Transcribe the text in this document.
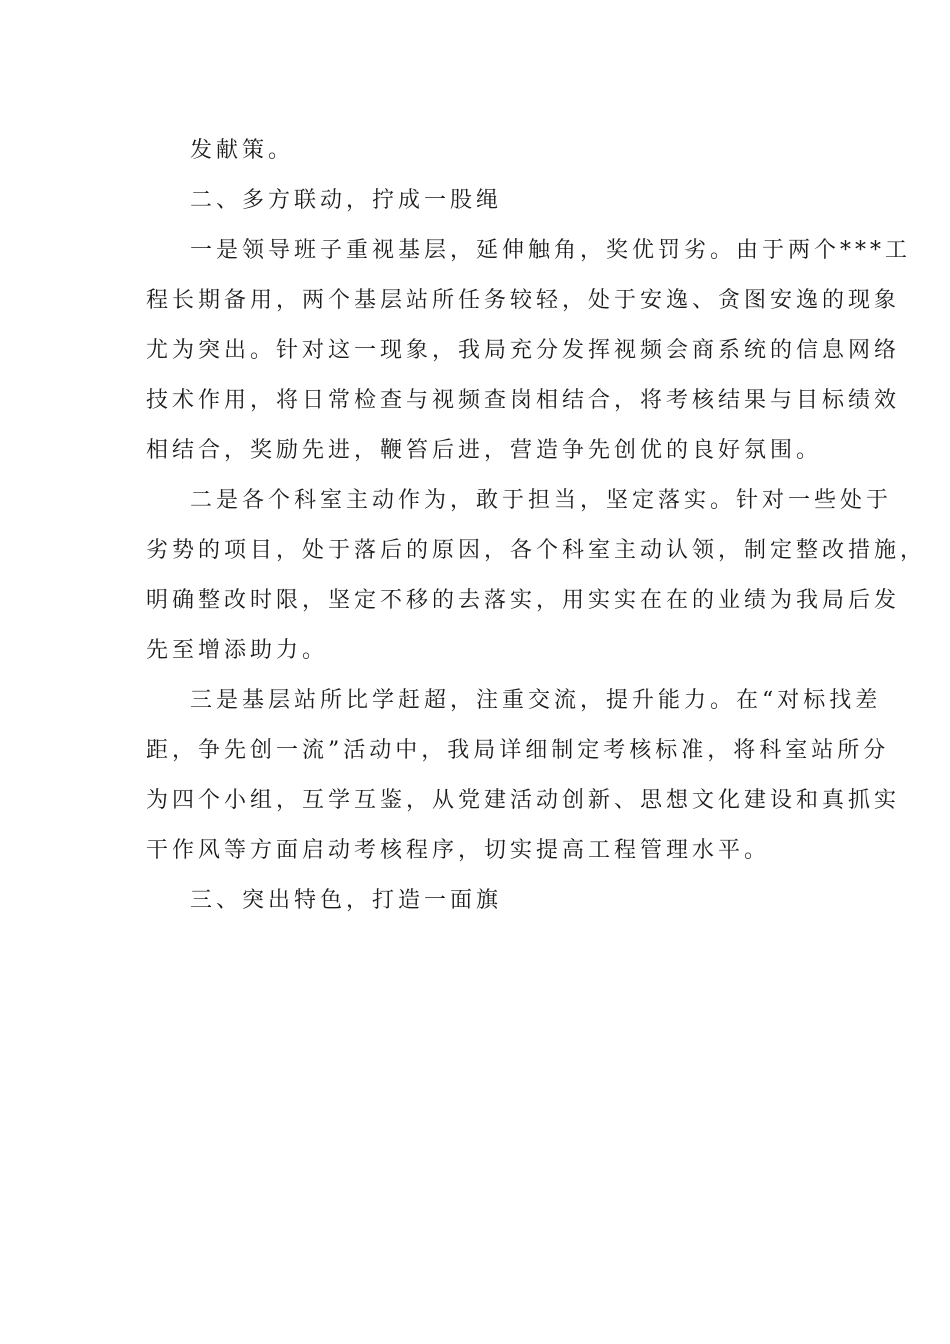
发献策。
二、多方联动，拧成一股绳
一是领导班子重视基层，延伸触角，奖优罚劣。由于两个***工
程长期备用，两个基层站所任务较轻，处于安逸、贪图安逸的现象
尤为突出。针对这一现象，我局充分发挥视频会商系统的信息网络
技术作用，将日常检查与视频查岗相结合，将考核结果与目标绩效
相结合，奖励先进，鞭笞后进，营造争先创优的良好氛围。
二是各个科室主动作为，敢于担当，坚定落实。针对一些处于
劣势的项目，处于落后的原因，各个科室主动认领，制定整改措施，
明确整改时限，坚定不移的去落实，用实实在在的业绩为我局后发
先至增添助力。
三是基层站所比学赶超，注重交流，提升能力。在“对标找差
距，争先创一流”活动中，我局详细制定考核标准，将科室站所分
为四个小组，互学互鉴，从党建活动创新、思想文化建设和真抓实
干作风等方面启动考核程序，切实提高工程管理水平。
三、突出特色，打造一面旗
